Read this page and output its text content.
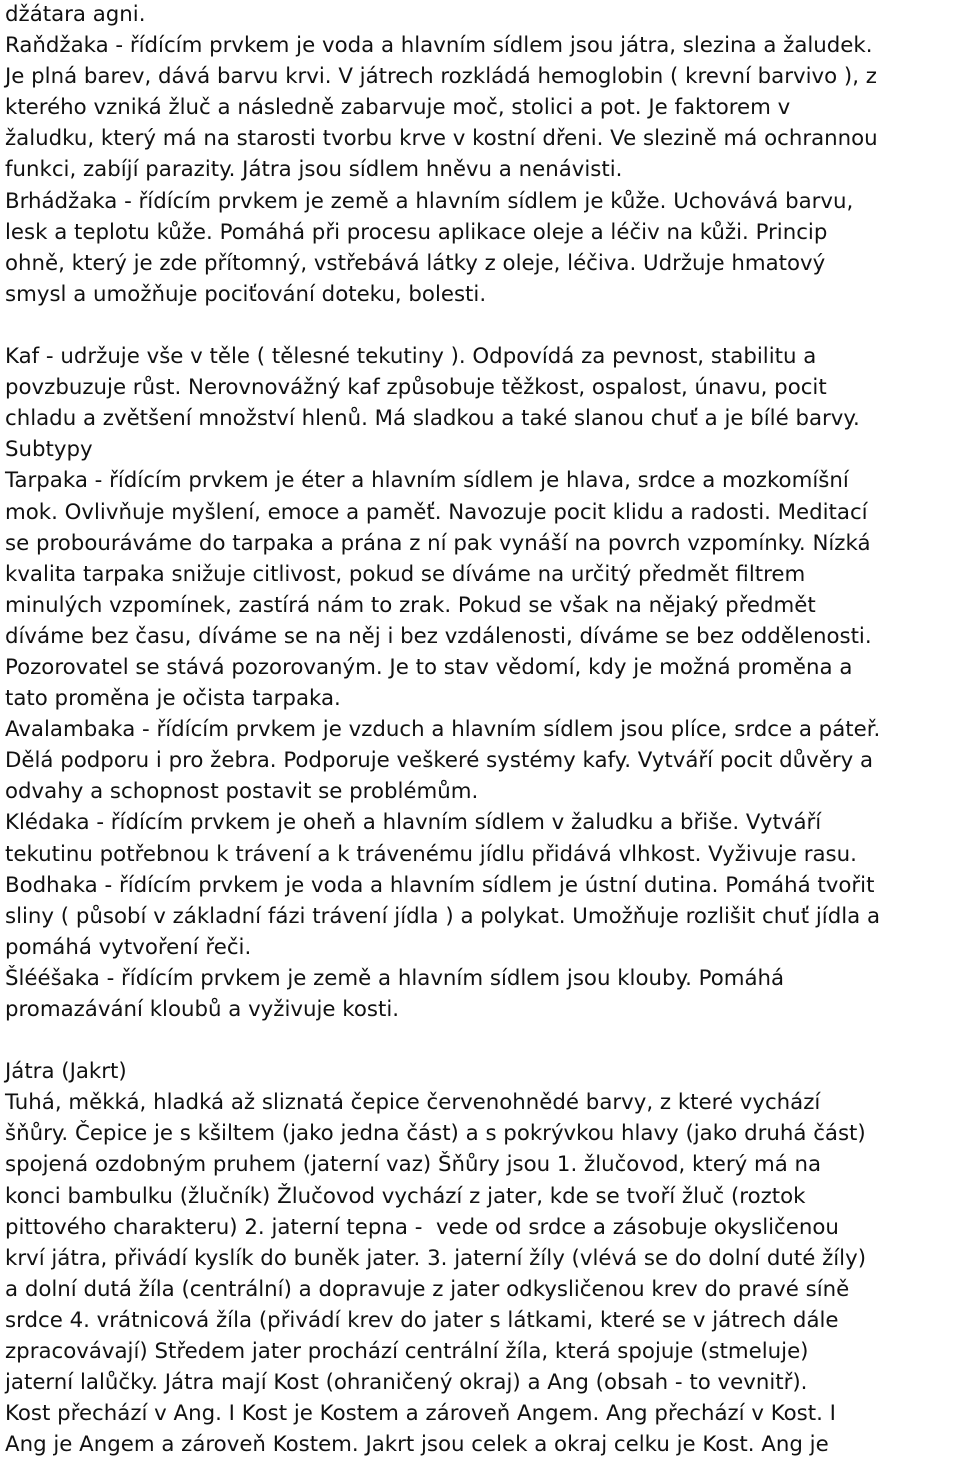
džátara agni.
Raňdžaka - řídícím prvkem je voda a hlavním sídlem jsou játra, slezina a žaludek.
Je plná barev, dává barvu krvi. V játrech rozkládá hemoglobin ( krevní barvivo ), z
kterého vzniká žluč a následně zabarvuje moč, stolici a pot. Je faktorem v
žaludku, který má na starosti tvorbu krve v kostní dřeni. Ve slezině má ochrannou
funkci, zabíjí parazity. Játra jsou sídlem hněvu a nenávisti.
Brhádžaka - řídícím prvkem je země a hlavním sídlem je kůže. Uchovává barvu,
lesk a teplotu kůže. Pomáhá při procesu aplikace oleje a léčiv na kůži. Princip
ohně, který je zde přítomný, vstřebává látky z oleje, léčiva. Udržuje hmatový
smysl a umožňuje pociťování doteku, bolesti.
Kaf - udržuje vše v těle ( tělesné tekutiny ). Odpovídá za pevnost, stabilitu a
povzbuzuje růst. Nerovnovážný kaf způsobuje těžkost, ospalost, únavu, pocit
chladu a zvětšení množství hlenů. Má sladkou a také slanou chuť a je bílé barvy.
Subtypy
Tarpaka - řídícím prvkem je éter a hlavním sídlem je hlava, srdce a mozkomíšní
mok. Ovlivňuje myšlení, emoce a paměť. Navozuje pocit klidu a radosti. Meditací
se probouráváme do tarpaka a prána z ní pak vynáší na povrch vzpomínky. Nízká
kvalita tarpaka snižuje citlivost, pokud se díváme na určitý předmět filtrem
minulých vzpomínek, zastírá nám to zrak. Pokud se však na nějaký předmět
díváme bez času, díváme se na něj i bez vzdálenosti, díváme se bez oddělenosti.
Pozorovatel se stává pozorovaným. Je to stav vědomí, kdy je možná proměna a
tato proměna je očista tarpaka.
Avalambaka - řídícím prvkem je vzduch a hlavním sídlem jsou plíce, srdce a páteř.
Dělá podporu i pro žebra. Podporuje veškeré systémy kafy. Vytváří pocit důvěry a
odvahy a schopnost postavit se problémům.
Klédaka - řídícím prvkem je oheň a hlavním sídlem v žaludku a břiše. Vytváří
tekutinu potřebnou k trávení a k trávenému jídlu přidává vlhkost. Vyživuje rasu.
Bodhaka - řídícím prvkem je voda a hlavním sídlem je ústní dutina. Pomáhá tvořit
sliny ( působí v základní fázi trávení jídla ) a polykat. Umožňuje rozlišit chuť jídla a
pomáhá vytvoření řeči.
Šlééšaka - řídícím prvkem je země a hlavním sídlem jsou klouby. Pomáhá
promazávání kloubů a vyživuje kosti.
Játra (Jakrt)
Tuhá, měkká, hladká až sliznatá čepice červenohnědé barvy, z které vychází
šňůry. Čepice je s kšiltem (jako jedna část) a s pokrývkou hlavy (jako druhá část)
spojená ozdobným pruhem (jaterní vaz) Šňůry jsou 1. žlučovod, který má na
konci bambulku (žlučník) Žlučovod vychází z jater, kde se tvoří žluč (roztok
pittového charakteru) 2. jaterní tepna -  vede od srdce a zásobuje okysličenou
krví játra, přivádí kyslík do buněk jater. 3. jaterní žíly (vlévá se do dolní duté žíly)
a dolní dutá žíla (centrální) a dopravuje z jater odkysličenou krev do pravé síně
srdce 4. vrátnicová žíla (přivádí krev do jater s látkami, které se v játrech dále
zpracovávají) Středem jater prochází centrální žíla, která spojuje (stmeluje)
jaterní lalůčky. Játra mají Kost (ohraničený okraj) a Ang (obsah - to vevnitř).
Kost přechází v Ang. I Kost je Kostem a zároveň Angem. Ang přechází v Kost. I
Ang je Angem a zároveň Kostem. Jakrt jsou celek a okraj celku je Kost. Ang je
